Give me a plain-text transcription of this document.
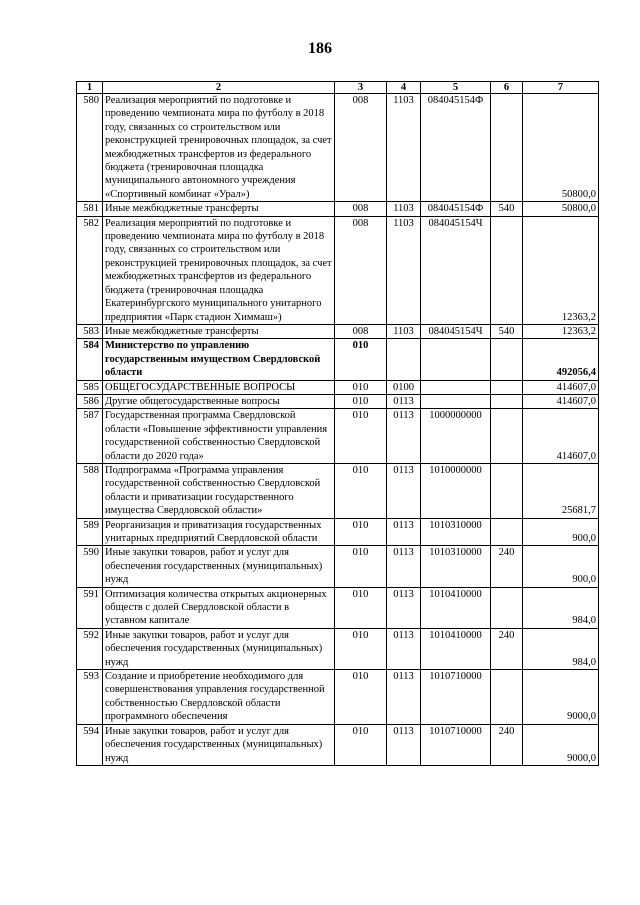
186
1	2	3	4	5	6	7
580	Реализация мероприятий по подготовке и проведению чемпионата мира по футболу в 2018 году, связанных со строительством или реконструкцией тренировочных площадок, за счет межбюджетных трансфертов из федерального бюджета (тренировочная площадка муниципального автономного учреждения «Спортивный комбинат «Урал»)	008	1103	084045154Ф		50800,0
581	Иные межбюджетные трансферты	008	1103	084045154Ф	540	50800,0
582	Реализация мероприятий по подготовке и проведению чемпионата мира по футболу в 2018 году, связанных со строительством или реконструкцией тренировочных площадок, за счет межбюджетных трансфертов из федерального бюджета (тренировочная площадка Екатеринбургского муниципального унитарного предприятия «Парк стадион Химмаш»)	008	1103	084045154Ч		12363,2
583	Иные межбюджетные трансферты	008	1103	084045154Ч	540	12363,2
584	Министерство по управлению государственным имуществом Свердловской области	010				492056,4
585	ОБЩЕГОСУДАРСТВЕННЫЕ ВОПРОСЫ	010	0100			414607,0
586	Другие общегосударственные вопросы	010	0113			414607,0
587	Государственная программа Свердловской области «Повышение эффективности управления государственной собственностью Свердловской области до 2020 года»	010	0113	1000000000		414607,0
588	Подпрограмма «Программа управления государственной собственностью Свердловской области и приватизации государственного имущества Свердловской области»	010	0113	1010000000		25681,7
589	Реорганизация и приватизация государственных унитарных предприятий Свердловской области	010	0113	1010310000		900,0
590	Иные закупки товаров, работ и услуг для обеспечения государственных (муниципальных) нужд	010	0113	1010310000	240	900,0
591	Оптимизация количества открытых акционерных обществ с долей Свердловской области в уставном капитале	010	0113	1010410000		984,0
592	Иные закупки товаров, работ и услуг для обеспечения государственных (муниципальных) нужд	010	0113	1010410000	240	984,0
593	Создание и приобретение необходимого для совершенствования управления государственной собственностью Свердловской области программного обеспечения	010	0113	1010710000		9000,0
594	Иные закупки товаров, работ и услуг для обеспечения государственных (муниципальных) нужд	010	0113	1010710000	240	9000,0
